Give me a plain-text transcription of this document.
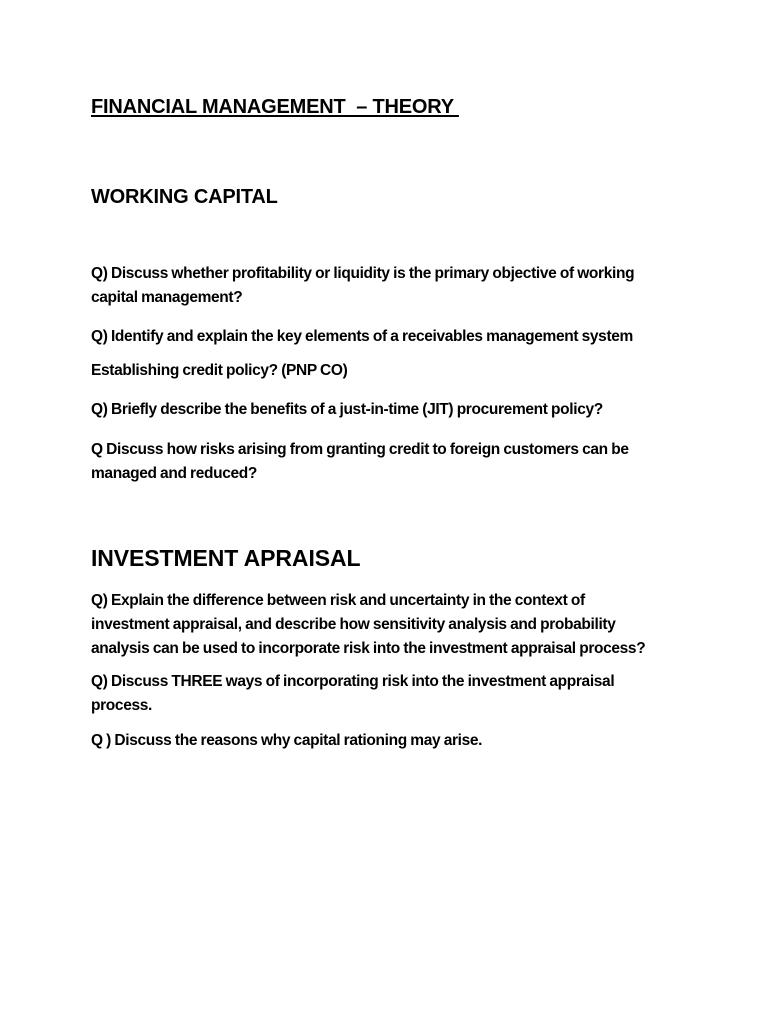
FINANCIAL MANAGEMENT  – THEORY
WORKING CAPITAL
Q) Discuss whether profitability or liquidity is the primary objective of working
capital management?
Q) Identify and explain the key elements of a receivables management system
Establishing credit policy? (PNP CO)
Q) Briefly describe the benefits of a just-in-time (JIT) procurement policy?
Q Discuss how risks arising from granting credit to foreign customers can be
managed and reduced?
INVESTMENT APRAISAL
Q) Explain the difference between risk and uncertainty in the context of
investment appraisal, and describe how sensitivity analysis and probability
analysis can be used to incorporate risk into the investment appraisal process?
Q) Discuss THREE ways of incorporating risk into the investment appraisal
process.
Q ) Discuss the reasons why capital rationing may arise.
